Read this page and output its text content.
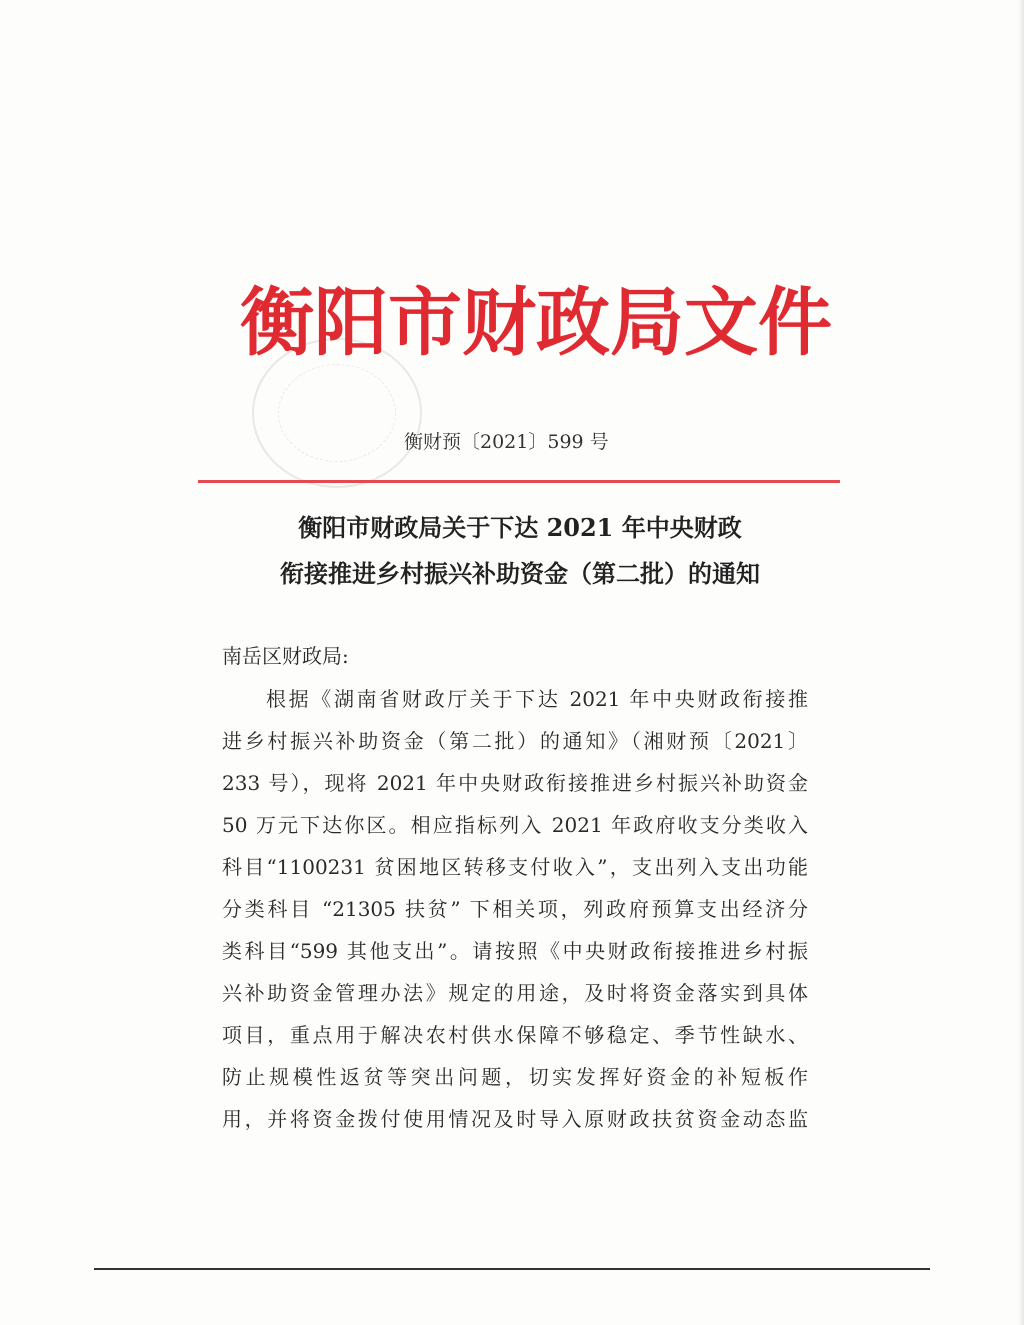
衡阳市财政局文件
衡财预〔2021〕599 号
衡阳市财政局关于下达 2021 年中央财政
衔接推进乡村振兴补助资金（第二批）的通知
南岳区财政局:
根据《湖南省财政厅关于下达 2021 年中央财政衔接推
进乡村振兴补助资金（第二批）的通知》（湘财预〔2021〕
233 号），现将 2021 年中央财政衔接推进乡村振兴补助资金
50 万元下达你区。相应指标列入 2021 年政府收支分类收入
科目“1100231 贫困地区转移支付收入”，支出列入支出功能
分类科目 “21305 扶贫” 下相关项，列政府预算支出经济分
类科目“599 其他支出”。请按照《中央财政衔接推进乡村振
兴补助资金管理办法》规定的用途，及时将资金落实到具体
项目，重点用于解决农村供水保障不够稳定、季节性缺水、
防止规模性返贫等突出问题，切实发挥好资金的补短板作
用，并将资金拨付使用情况及时导入原财政扶贫资金动态监
